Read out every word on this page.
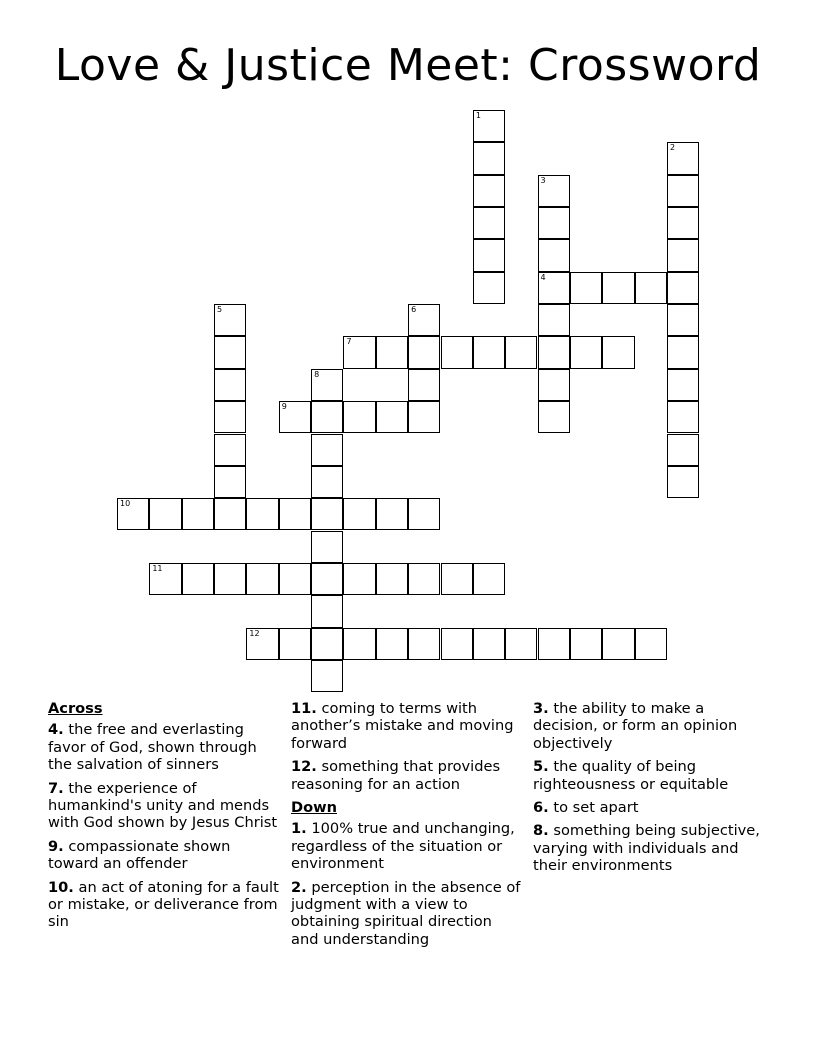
Love & Justice Meet: Crossword
1
2
3
4
5	6
7
8
9
10
11
12
Across
4. the free and everlasting favor of God, shown through the salvation of sinners
7. the experience of humankind's unity and mends with God shown by Jesus Christ
9. compassionate shown toward an offender
10. an act of atoning for a fault or mistake, or deliverance from sin
11. coming to terms with another’s mistake and moving forward
12. something that provides reasoning for an action
Down
1. 100% true and unchanging, regardless of the situation or environment
2. perception in the absence of judgment with a view to obtaining spiritual direction and understanding
3. the ability to make a decision, or form an opinion objectively
5. the quality of being righteousness or equitable
6. to set apart
8. something being subjective, varying with individuals and their environments
